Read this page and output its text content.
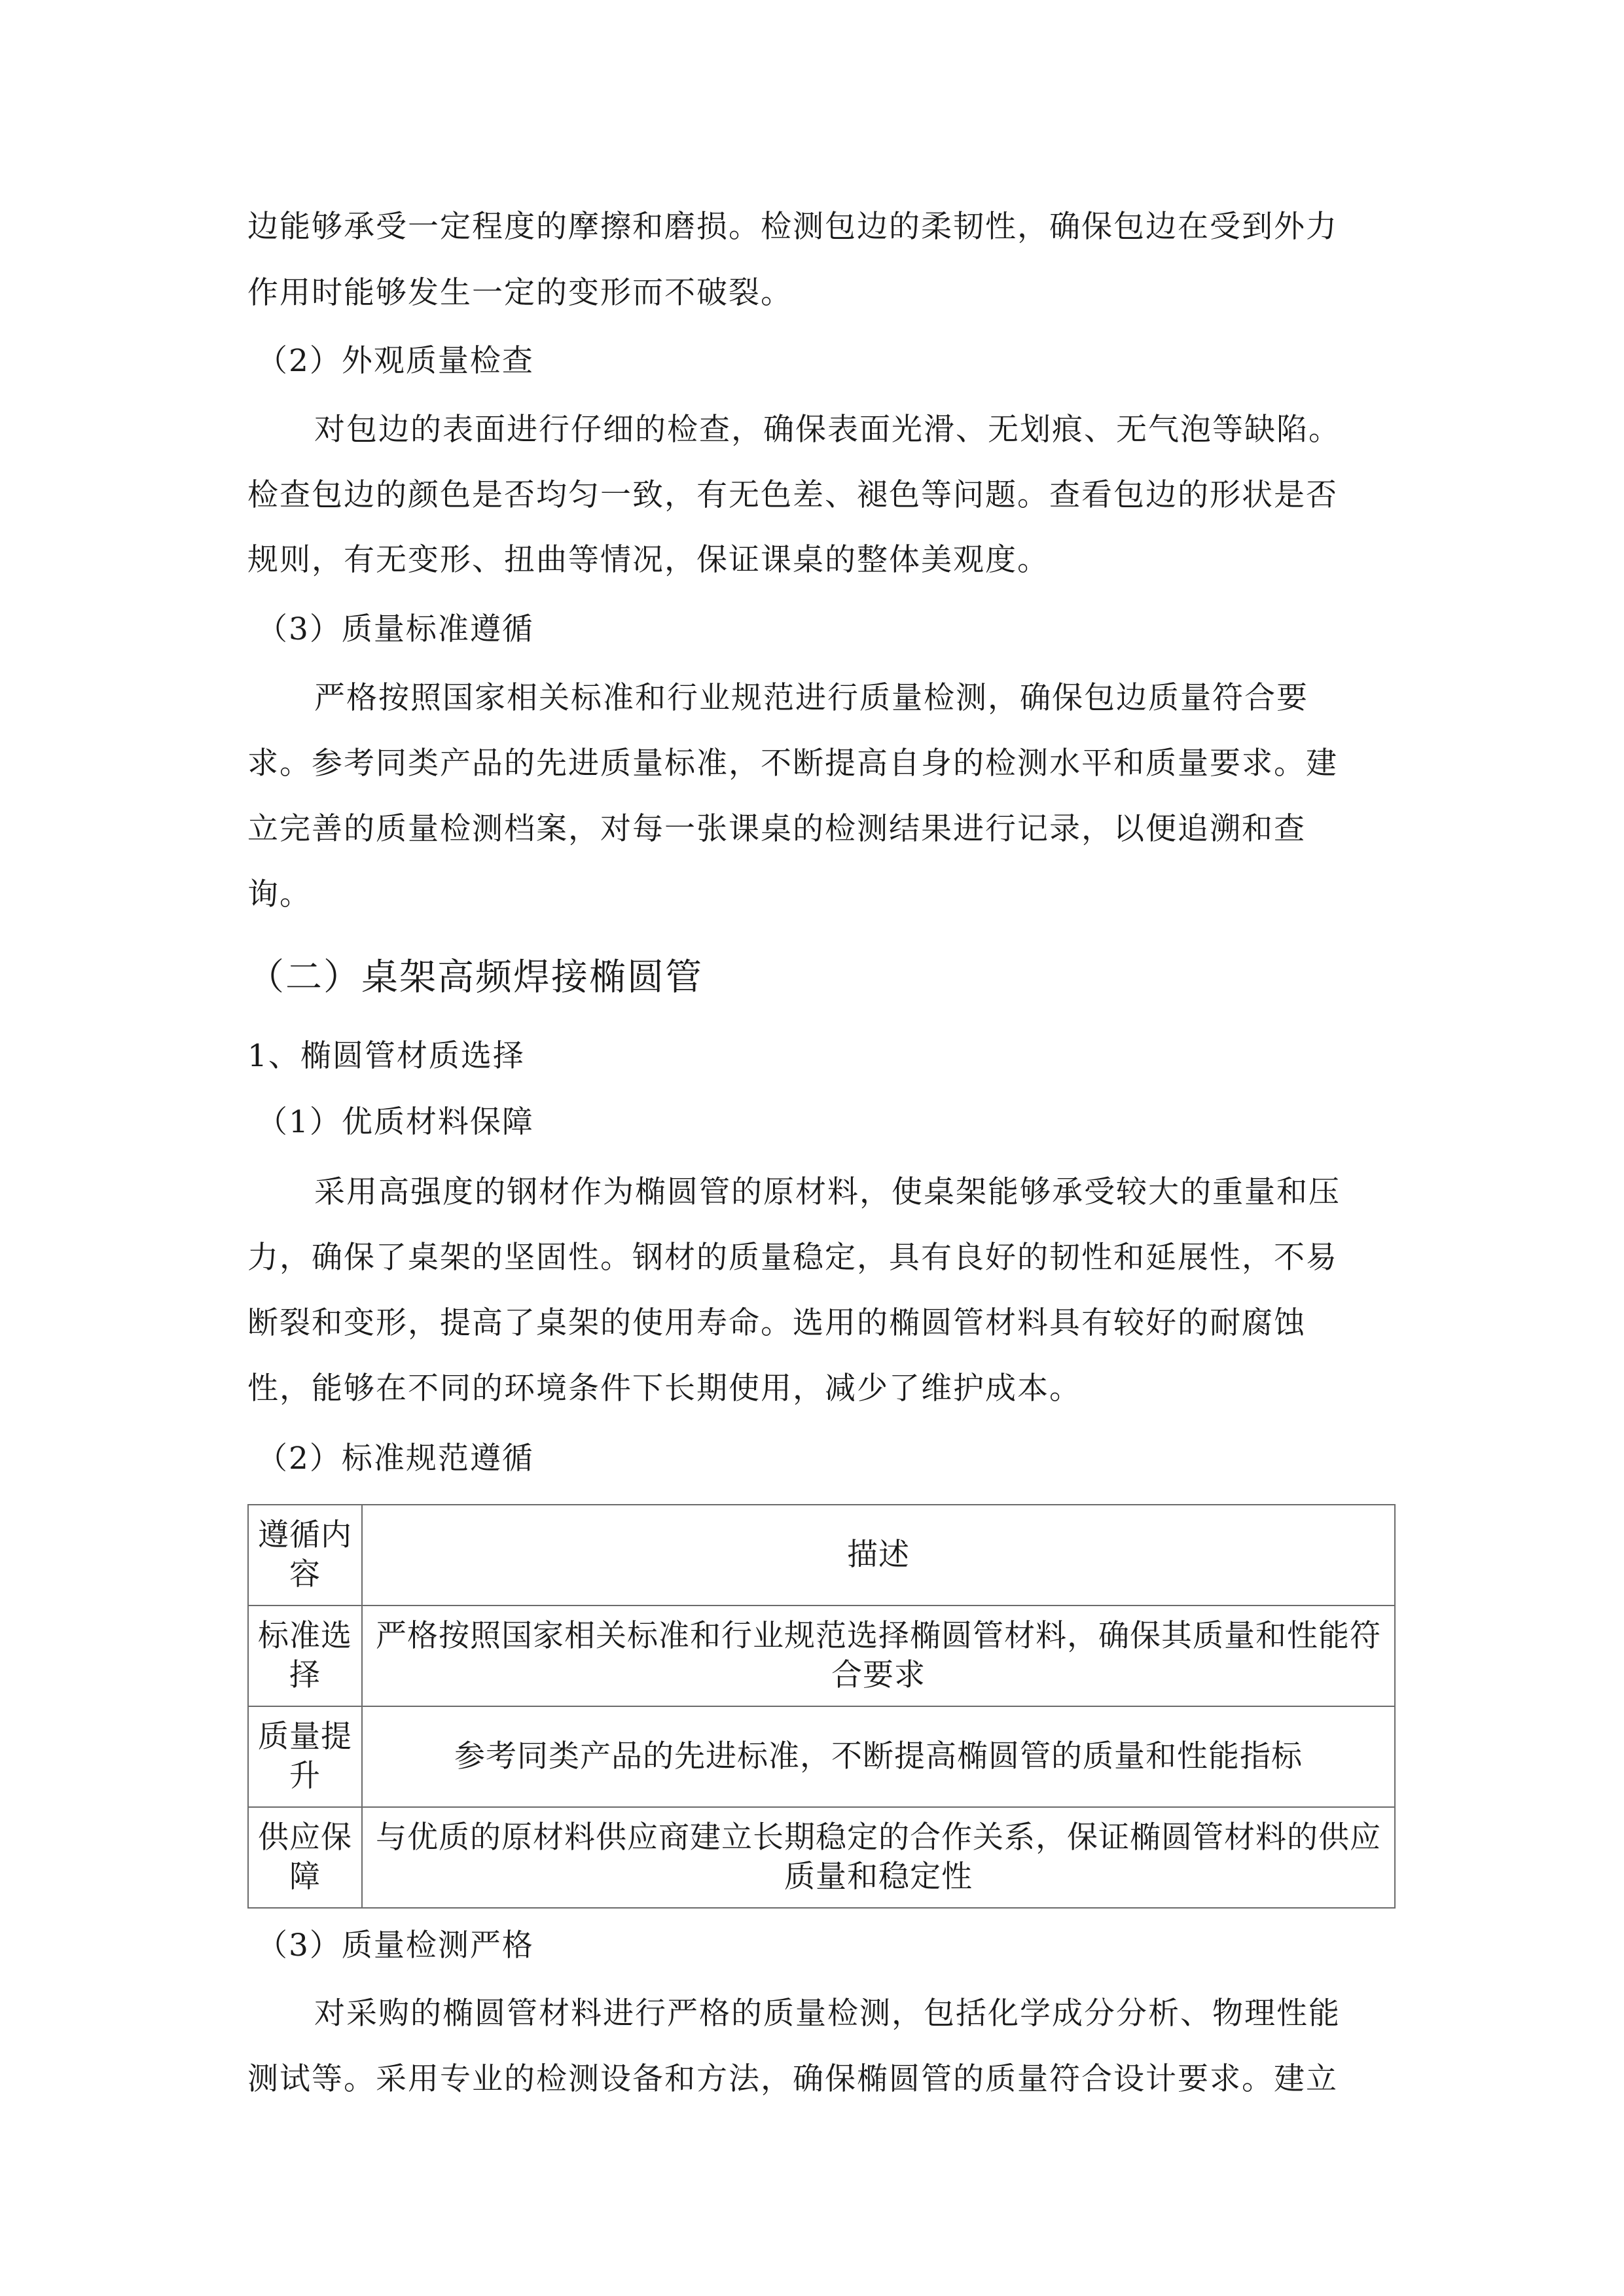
边能够承受一定程度的摩擦和磨损。检测包边的柔韧性，确保包边在受到外力
作用时能够发生一定的变形而不破裂。
（2）外观质量检查
对包边的表面进行仔细的检查，确保表面光滑、无划痕、无气泡等缺陷。
检查包边的颜色是否均匀一致，有无色差、褪色等问题。查看包边的形状是否
规则，有无变形、扭曲等情况，保证课桌的整体美观度。
（3）质量标准遵循
严格按照国家相关标准和行业规范进行质量检测，确保包边质量符合要
求。参考同类产品的先进质量标准，不断提高自身的检测水平和质量要求。建
立完善的质量检测档案，对每一张课桌的检测结果进行记录，以便追溯和查
询。
（二）桌架高频焊接椭圆管
1、椭圆管材质选择
（1）优质材料保障
采用高强度的钢材作为椭圆管的原材料，使桌架能够承受较大的重量和压
力，确保了桌架的坚固性。钢材的质量稳定，具有良好的韧性和延展性，不易
断裂和变形，提高了桌架的使用寿命。选用的椭圆管材料具有较好的耐腐蚀
性，能够在不同的环境条件下长期使用，减少了维护成本。
（2）标准规范遵循
遵循内容	描述
标准选择	严格按照国家相关标准和行业规范选择椭圆管材料，确保其质量和性能符合要求
质量提升	参考同类产品的先进标准，不断提高椭圆管的质量和性能指标
供应保障	与优质的原材料供应商建立长期稳定的合作关系，保证椭圆管材料的供应质量和稳定性
（3）质量检测严格
对采购的椭圆管材料进行严格的质量检测，包括化学成分分析、物理性能
测试等。采用专业的检测设备和方法，确保椭圆管的质量符合设计要求。建立
